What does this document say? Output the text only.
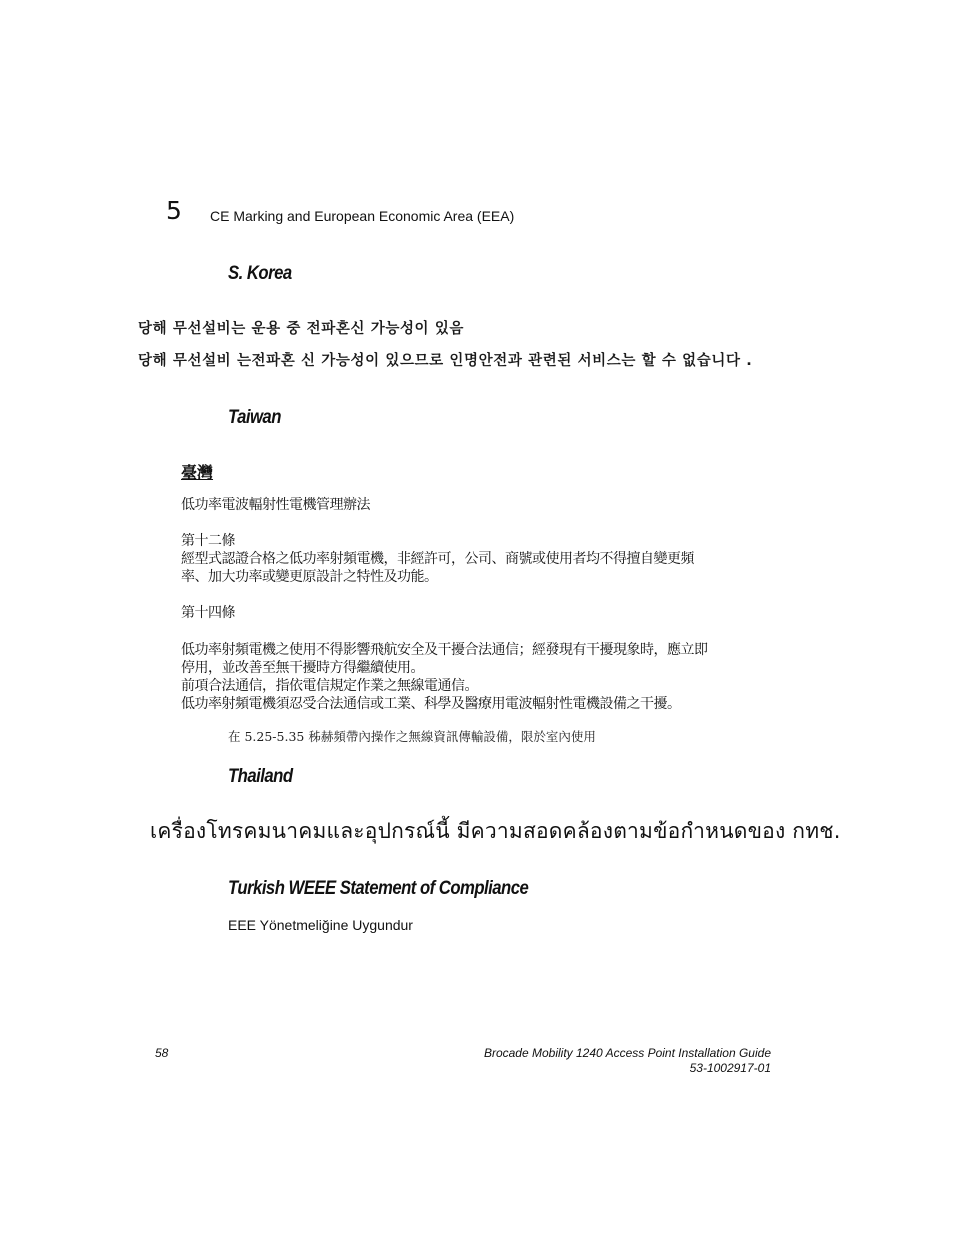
5 CE Marking and European Economic Area (EEA)
S. Korea
당해 무선설비는 운용 중 전파혼신 가능성이 있음
당해 무선설비 는전파혼 신 가능성이 있으므로 인명안전과 관련된 서비스는 할 수 없습니다 .
Taiwan
臺灣
低功率電波輻射性電機管理辦法
第十二條
經型式認證合格之低功率射頻電機，非經許可，公司、商號或使用者均不得擅自變更頻
率、加大功率或變更原設計之特性及功能。
第十四條
低功率射頻電機之使用不得影響飛航安全及干擾合法通信；經發現有干擾現象時，應立即
停用，並改善至無干擾時方得繼續使用。
前項合法通信，指依電信規定作業之無線電通信。
低功率射頻電機須忍受合法通信或工業、科學及醫療用電波輻射性電機設備之干擾。
在 5.25-5.35 秭赫頻帶內操作之無線資訊傳輸設備，限於室內使用
Thailand
เครื่องโทรคมนาคมและอุปกรณ์นี้ มีความสอดคล้องตามข้อกำหนดของ กทช.
Turkish WEEE Statement of Compliance
EEE Yönetmeliğine Uygundur
58	Brocade Mobility 1240 Access Point Installation Guide
53-1002917-01
